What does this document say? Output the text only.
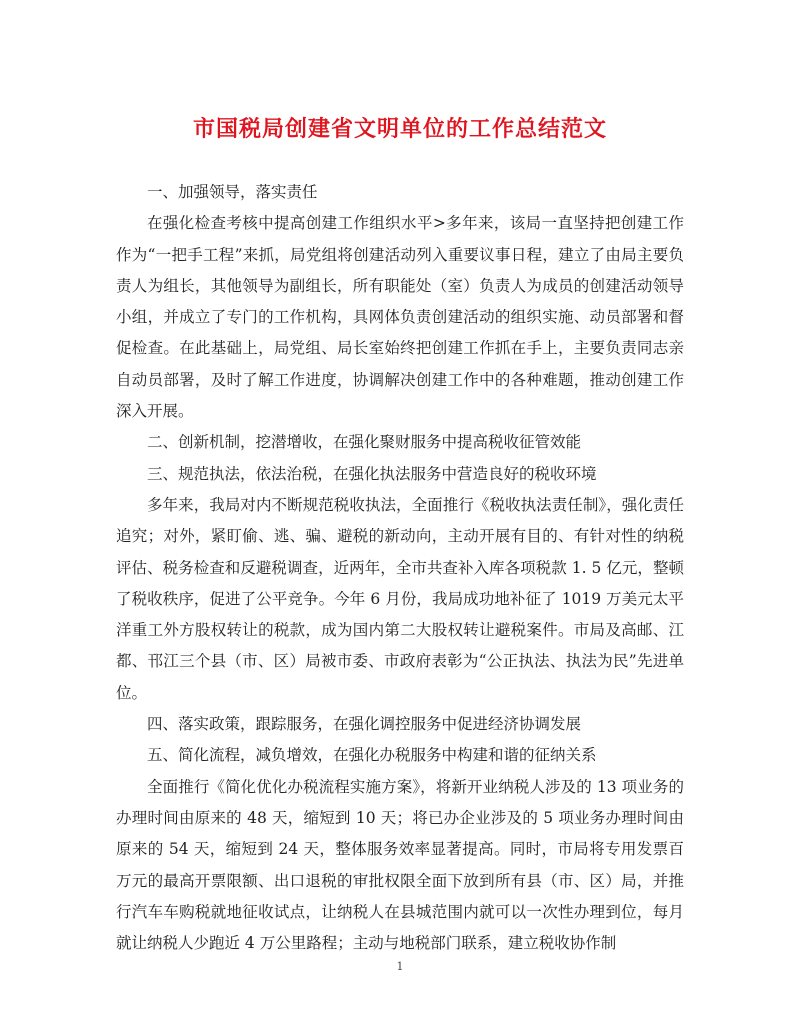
市国税局创建省文明单位的工作总结范文

一、加强领导，落实责任

在强化检查考核中提高创建工作组织水平>多年来，该局一直坚持把创建工作作为“一把手工程”来抓，局党组将创建活动列入重要议事日程，建立了由局主要负责人为组长，其他领导为副组长，所有职能处（室）负责人为成员的创建活动领导小组，并成立了专门的工作机构，具网体负责创建活动的组织实施、动员部署和督促检查。在此基础上，局党组、局长室始终把创建工作抓在手上，主要负责同志亲自动员部署，及时了解工作进度，协调解决创建工作中的各种难题，推动创建工作深入开展。

二、创新机制，挖潜增收，在强化聚财服务中提高税收征管效能

三、规范执法，依法治税，在强化执法服务中营造良好的税收环境

多年来，我局对内不断规范税收执法，全面推行《税收执法责任制》，强化责任追究；对外，紧盯偷、逃、骗、避税的新动向，主动开展有目的、有针对性的纳税评估、税务检查和反避税调查，近两年，全市共查补入库各项税款 1. 5 亿元，整顿了税收秩序，促进了公平竞争。今年 6 月份，我局成功地补征了 1019 万美元太平洋重工外方股权转让的税款，成为国内第二大股权转让避税案件。市局及高邮、江都、邗江三个县（市、区）局被市委、市政府表彰为“公正执法、执法为民”先进单位。

四、落实政策，跟踪服务，在强化调控服务中促进经济协调发展

五、简化流程，减负增效，在强化办税服务中构建和谐的征纳关系

全面推行《简化优化办税流程实施方案》，将新开业纳税人涉及的 13 项业务的办理时间由原来的 48 天，缩短到 10 天；将已办企业涉及的 5 项业务办理时间由原来的 54 天，缩短到 24 天，整体服务效率显著提高。同时，市局将专用发票百万元的最高开票限额、出口退税的审批权限全面下放到所有县（市、区）局，并推行汽车车购税就地征收试点，让纳税人在县城范围内就可以一次性办理到位，每月就让纳税人少跑近 4 万公里路程；主动与地税部门联系，建立税收协作制

1
